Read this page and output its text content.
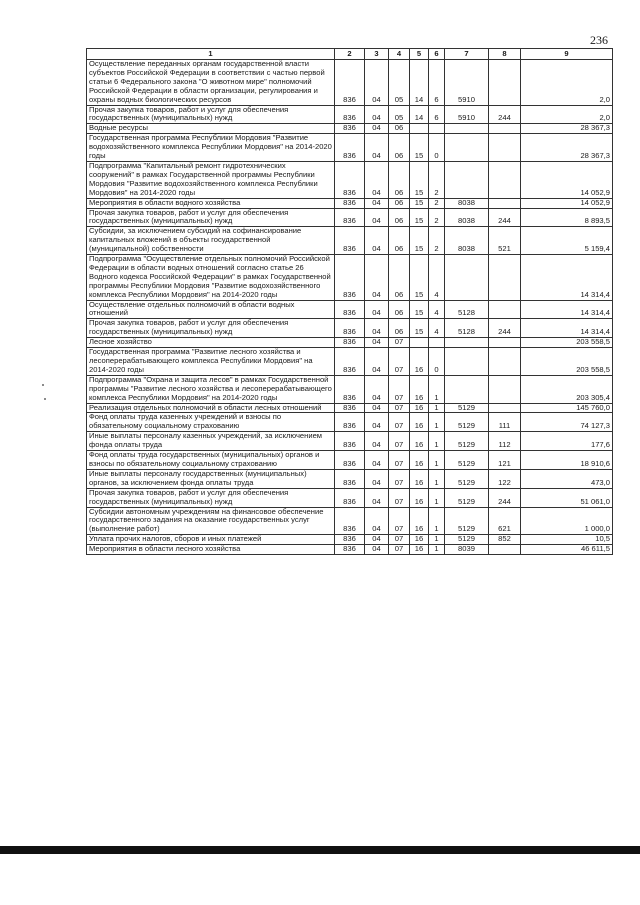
236
1	2	3	4	5	6	7	8	9
Осуществление переданных органам государственной власти субъектов Российской Федерации в соответствии с частью первой статьи 6 Федерального закона "О животном мире" полномочий Российской Федерации в области организации, регулирования и охраны водных биологических ресурсов	836	04	05	14	6	5910		2,0
Прочая закупка товаров, работ и услуг для обеспечения государственных (муниципальных) нужд	836	04	05	14	6	5910	244	2,0
Водные ресурсы	836	04	06					28 367,3
Государственная программа Республики Мордовия "Развитие водохозяйственного комплекса Республики Мордовия" на 2014-2020 годы	836	04	06	15	0			28 367,3
Подпрограмма "Капитальный ремонт гидротехнических сооружений" в рамках Государственной программы Республики Мордовия "Развитие водохозяйственного комплекса Республики Мордовия" на 2014-2020 годы	836	04	06	15	2			14 052,9
Мероприятия в области водного хозяйства	836	04	06	15	2	8038		14 052,9
Прочая закупка товаров, работ и услуг для обеспечения государственных (муниципальных) нужд	836	04	06	15	2	8038	244	8 893,5
Субсидии, за исключением субсидий на софинансирование капитальных вложений в объекты государственной (муниципальной) собственности	836	04	06	15	2	8038	521	5 159,4
Подпрограмма "Осуществление отдельных полномочий Российской Федерации в области водных отношений согласно статье 26 Водного кодекса Российской Федерации" в рамках Государственной программы Республики Мордовия "Развитие водохозяйственного комплекса Республики Мордовия" на 2014-2020 годы	836	04	06	15	4			14 314,4
Осуществление отдельных полномочий в области водных отношений	836	04	06	15	4	5128		14 314,4
Прочая закупка товаров, работ и услуг для обеспечения государственных (муниципальных) нужд	836	04	06	15	4	5128	244	14 314,4
Лесное хозяйство	836	04	07					203 558,5
Государственная программа "Развитие лесного хозяйства и лесоперерабатывающего комплекса Республики Мордовия" на 2014-2020 годы	836	04	07	16	0			203 558,5
Подпрограмма "Охрана и защита лесов" в рамках Государственной программы "Развитие лесного хозяйства и лесоперерабатывающего комплекса Республики Мордовия" на 2014-2020 годы	836	04	07	16	1			203 305,4
Реализация отдельных полномочий в области лесных отношений	836	04	07	16	1	5129		145 760,0
Фонд оплаты труда казенных учреждений и взносы по обязательному социальному страхованию	836	04	07	16	1	5129	111	74 127,3
Иные выплаты персоналу казенных учреждений, за исключением фонда оплаты труда	836	04	07	16	1	5129	112	177,6
Фонд оплаты труда государственных (муниципальных) органов и взносы по обязательному социальному страхованию	836	04	07	16	1	5129	121	18 910,6
Иные выплаты персоналу государственных (муниципальных) органов, за исключением фонда оплаты труда	836	04	07	16	1	5129	122	473,0
Прочая закупка товаров, работ и услуг для обеспечения государственных (муниципальных) нужд	836	04	07	16	1	5129	244	51 061,0
Субсидии автономным учреждениям на финансовое обеспечение государственного задания на оказание государственных услуг (выполнение работ)	836	04	07	16	1	5129	621	1 000,0
Уплата прочих налогов, сборов и иных платежей	836	04	07	16	1	5129	852	10,5
Мероприятия в области лесного хозяйства	836	04	07	16	1	8039		46 611,5
